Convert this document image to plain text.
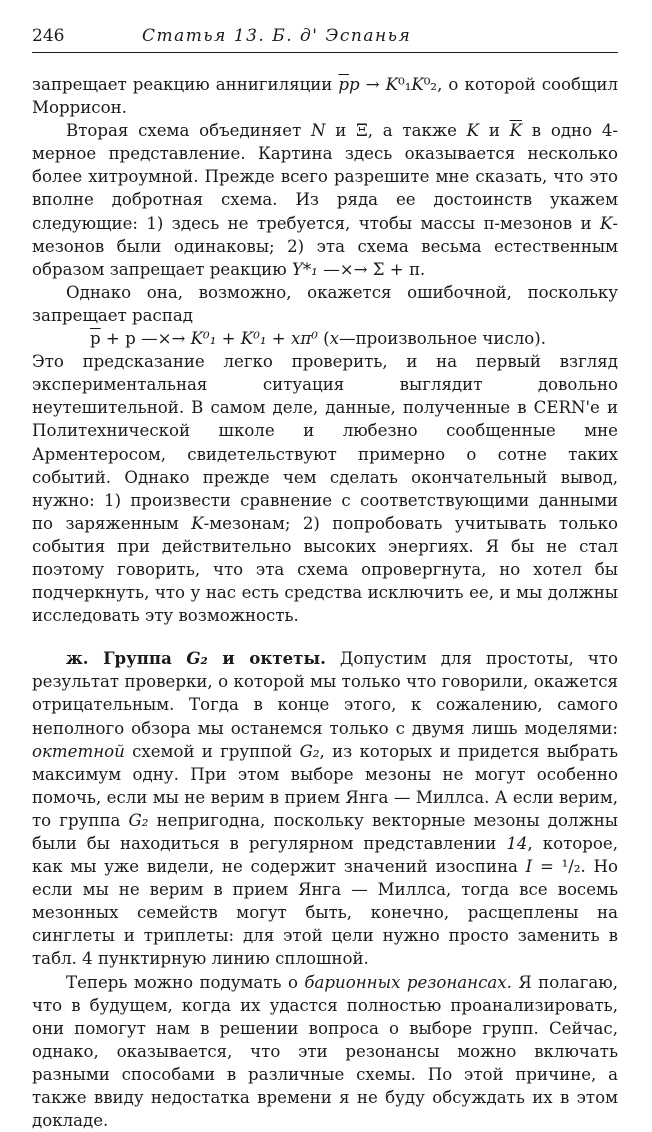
246	Статья 13. Б. д' Эспанья

запрещает реакцию аннигиляции $\overline{p}p \to K^0_1K^0_2$, о которой сообщил Моррисон.

Вторая схема объединяет N и Ξ, а также K и $\overline{K}$ в одно 4-мерное представление. Картина здесь оказывается несколько более хитроумной. Прежде всего разрешите мне сказать, что это вполне добротная схема. Из ряда ее достоинств укажем следующие: 1) здесь не требуется, чтобы массы π-мезонов и K-мезонов были одинаковы; 2) эта схема весьма естественным образом запрещает реакцию Y*₁ —⨯→ Σ + π.

Однако она, возможно, окажется ошибочной, поскольку запрещает распад

$\overline{p} + p$ —⨯→ K⁰₁ + K⁰₁ + xπ⁰ (x—произвольное число).

Это предсказание легко проверить, и на первый взгляд экспериментальная ситуация выглядит довольно неутешительной. В самом деле, данные, полученные в CERN'е и Политехнической школе и любезно сообщенные мне Арментеросом, свидетельствуют примерно о сотне таких событий. Однако прежде чем сделать окончательный вывод, нужно: 1) произвести сравнение с соответствующими данными по заряженным K-мезонам; 2) попробовать учитывать только события при действительно высоких энергиях. Я бы не стал поэтому говорить, что эта схема опровергнута, но хотел бы подчеркнуть, что у нас есть средства исключить ее, и мы должны исследовать эту возможность.

ж. Группа G₂ и октеты. Допустим для простоты, что результат проверки, о которой мы только что говорили, окажется отрицательным. Тогда в конце этого, к сожалению, самого неполного обзора мы останемся только с двумя лишь моделями: октетной схемой и группой G₂, из которых и придется выбрать максимум одну. При этом выборе мезоны не могут особенно помочь, если мы не верим в прием Янга — Миллса. А если верим, то группа G₂ непригодна, поскольку векторные мезоны должны были бы находиться в регулярном представлении 14, которое, как мы уже видели, не содержит значений изоспина I = ¹/₂. Но если мы не верим в прием Янга — Миллса, тогда все восемь мезонных семейств могут быть, конечно, расщеплены на синглеты и триплеты: для этой цели нужно просто заменить в табл. 4 пунктирную линию сплошной.

Теперь можно подумать о барионных резонансах. Я полагаю, что в будущем, когда их удастся полностью проанализировать, они помогут нам в решении вопроса о выборе групп. Сейчас, однако, оказывается, что эти резонансы можно включать разными способами в различные схемы. По этой причине, а также ввиду недостатка времени я не буду обсуждать их в этом докладе.
